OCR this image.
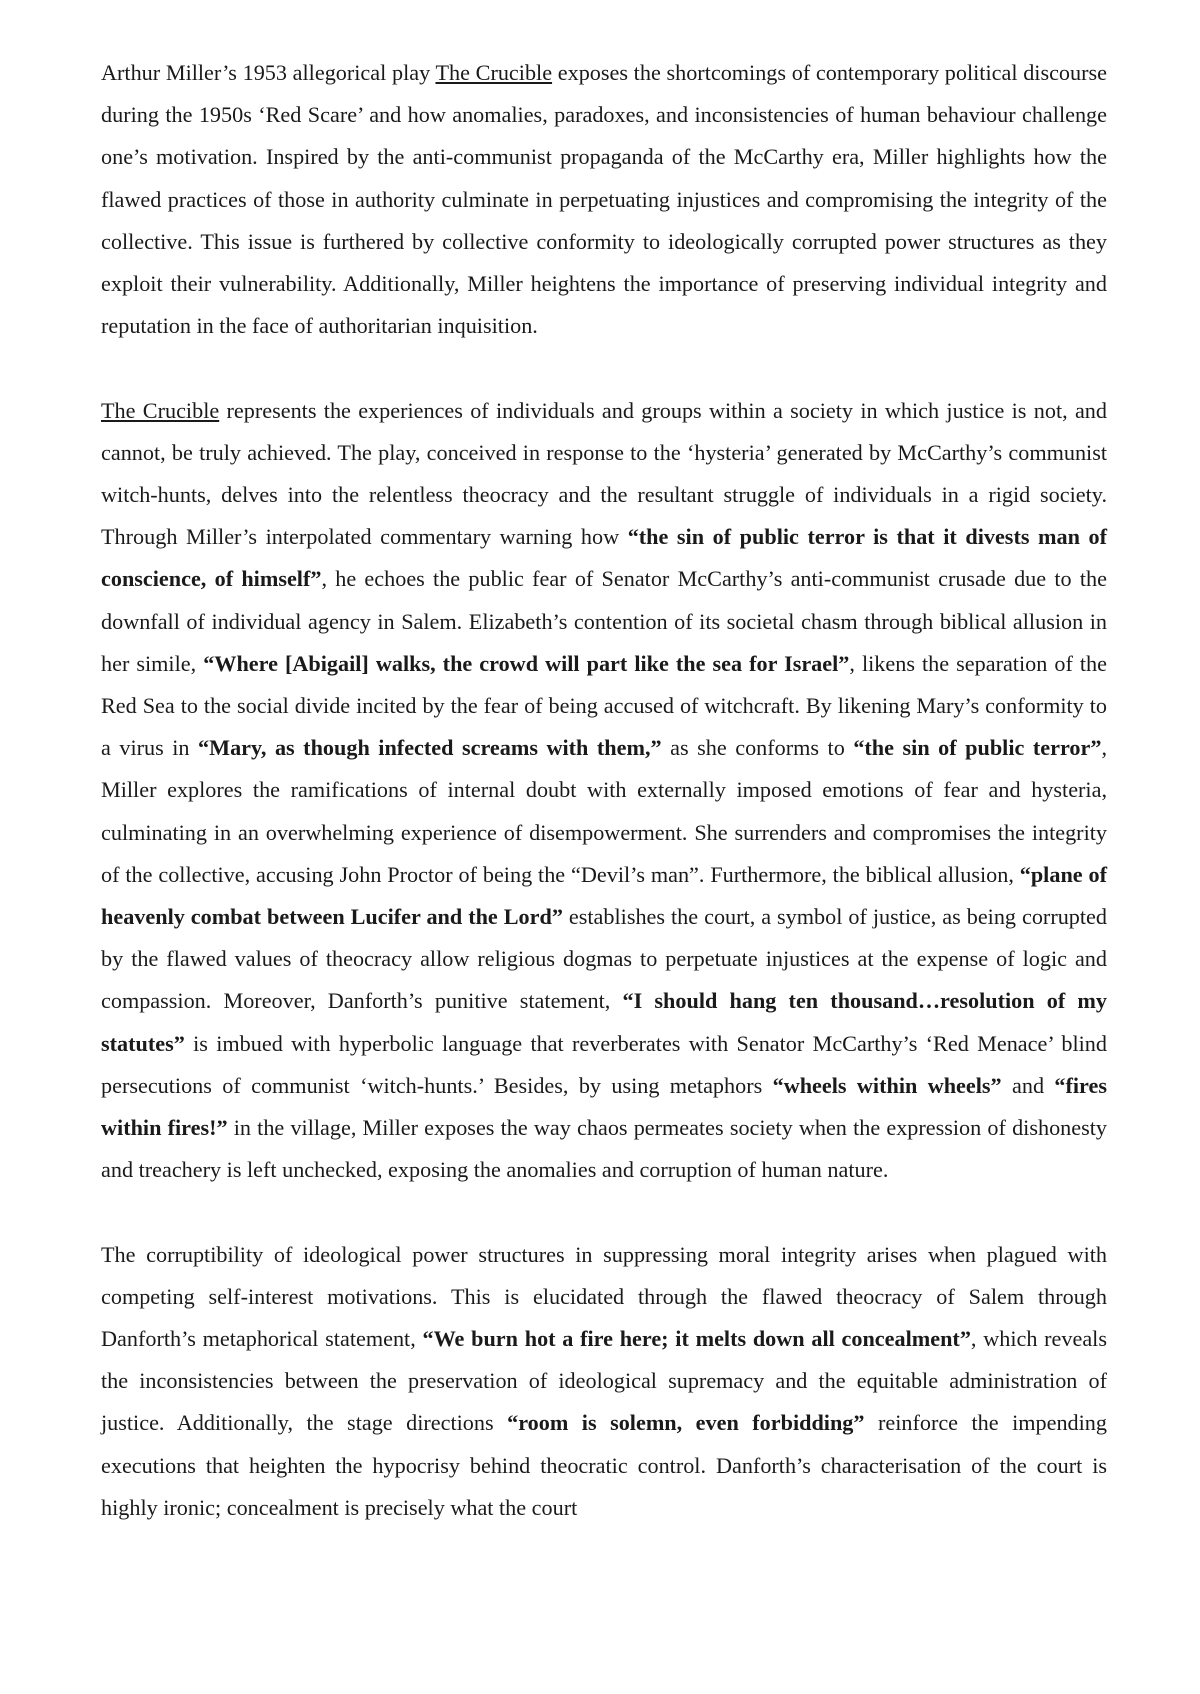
Arthur Miller’s 1953 allegorical play The Crucible exposes the shortcomings of contemporary political discourse during the 1950s ‘Red Scare’ and how anomalies, paradoxes, and inconsistencies of human behaviour challenge one’s motivation. Inspired by the anti-communist propaganda of the McCarthy era, Miller highlights how the flawed practices of those in authority culminate in perpetuating injustices and compromising the integrity of the collective. This issue is furthered by collective conformity to ideologically corrupted power structures as they exploit their vulnerability. Additionally, Miller heightens the importance of preserving individual integrity and reputation in the face of authoritarian inquisition.

The Crucible represents the experiences of individuals and groups within a society in which justice is not, and cannot, be truly achieved. The play, conceived in response to the ‘hysteria’ generated by McCarthy’s communist witch-hunts, delves into the relentless theocracy and the resultant struggle of individuals in a rigid society. Through Miller’s interpolated commentary warning how “the sin of public terror is that it divests man of conscience, of himself”, he echoes the public fear of Senator McCarthy’s anti-communist crusade due to the downfall of individual agency in Salem. Elizabeth’s contention of its societal chasm through biblical allusion in her simile, “Where [Abigail] walks, the crowd will part like the sea for Israel”, likens the separation of the Red Sea to the social divide incited by the fear of being accused of witchcraft. By likening Mary’s conformity to a virus in “Mary, as though infected screams with them,” as she conforms to “the sin of public terror”, Miller explores the ramifications of internal doubt with externally imposed emotions of fear and hysteria, culminating in an overwhelming experience of disempowerment. She surrenders and compromises the integrity of the collective, accusing John Proctor of being the “Devil’s man”. Furthermore, the biblical allusion, “plane of heavenly combat between Lucifer and the Lord” establishes the court, a symbol of justice, as being corrupted by the flawed values of theocracy allow religious dogmas to perpetuate injustices at the expense of logic and compassion. Moreover, Danforth’s punitive statement, “I should hang ten thousand…resolution of my statutes” is imbued with hyperbolic language that reverberates with Senator McCarthy’s ‘Red Menace’ blind persecutions of communist ‘witch-hunts.’ Besides, by using metaphors “wheels within wheels” and “fires within fires!” in the village, Miller exposes the way chaos permeates society when the expression of dishonesty and treachery is left unchecked, exposing the anomalies and corruption of human nature.

The corruptibility of ideological power structures in suppressing moral integrity arises when plagued with competing self-interest motivations. This is elucidated through the flawed theocracy of Salem through Danforth’s metaphorical statement, “We burn hot a fire here; it melts down all concealment”, which reveals the inconsistencies between the preservation of ideological supremacy and the equitable administration of justice. Additionally, the stage directions “room is solemn, even forbidding” reinforce the impending executions that heighten the hypocrisy behind theocratic control. Danforth’s characterisation of the court is highly ironic; concealment is precisely what the court
